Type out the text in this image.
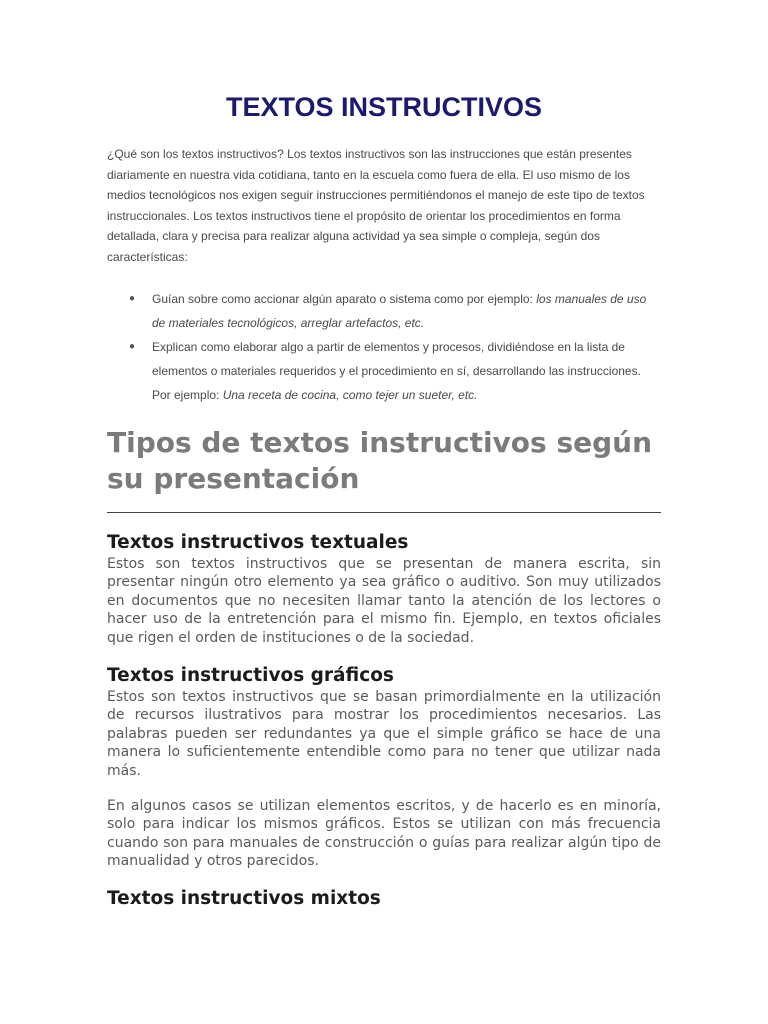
TEXTOS INSTRUCTIVOS

¿Qué son los textos instructivos? Los textos instructivos son las instrucciones que están presentes diariamente en nuestra vida cotidiana, tanto en la escuela como fuera de ella. El uso mismo de los medios tecnológicos nos exigen seguir instrucciones permitiéndonos el manejo de este tipo de textos instruccionales. Los textos instructivos tiene el propósito de orientar los procedimientos en forma detallada, clara y precisa para realizar alguna actividad ya sea simple o compleja, según dos características:

● Guían sobre como accionar algún aparato o sistema como por ejemplo: los manuales de uso de materiales tecnológicos, arreglar artefactos, etc.
● Explican como elaborar algo a partir de elementos y procesos, dividiéndose en la lista de elementos o materiales requeridos y el procedimiento en sí, desarrollando las instrucciones. Por ejemplo: Una receta de cocina, como tejer un sueter, etc.
Tipos de textos instructivos según su presentación
Textos instructivos textuales

Estos son textos instructivos que se presentan de manera escrita, sin presentar ningún otro elemento ya sea gráfico o auditivo. Son muy utilizados en documentos que no necesiten llamar tanto la atención de los lectores o hacer uso de la entretención para el mismo fin. Ejemplo, en textos oficiales que rigen el orden de instituciones o de la sociedad.

Textos instructivos gráficos

Estos son textos instructivos que se basan primordialmente en la utilización de recursos ilustrativos para mostrar los procedimientos necesarios. Las palabras pueden ser redundantes ya que el simple gráfico se hace de una manera lo suficientemente entendible como para no tener que utilizar nada más.

En algunos casos se utilizan elementos escritos, y de hacerlo es en minoría, solo para indicar los mismos gráficos. Estos se utilizan con más frecuencia cuando son para manuales de construcción o guías para realizar algún tipo de manualidad y otros parecidos.

Textos instructivos mixtos
